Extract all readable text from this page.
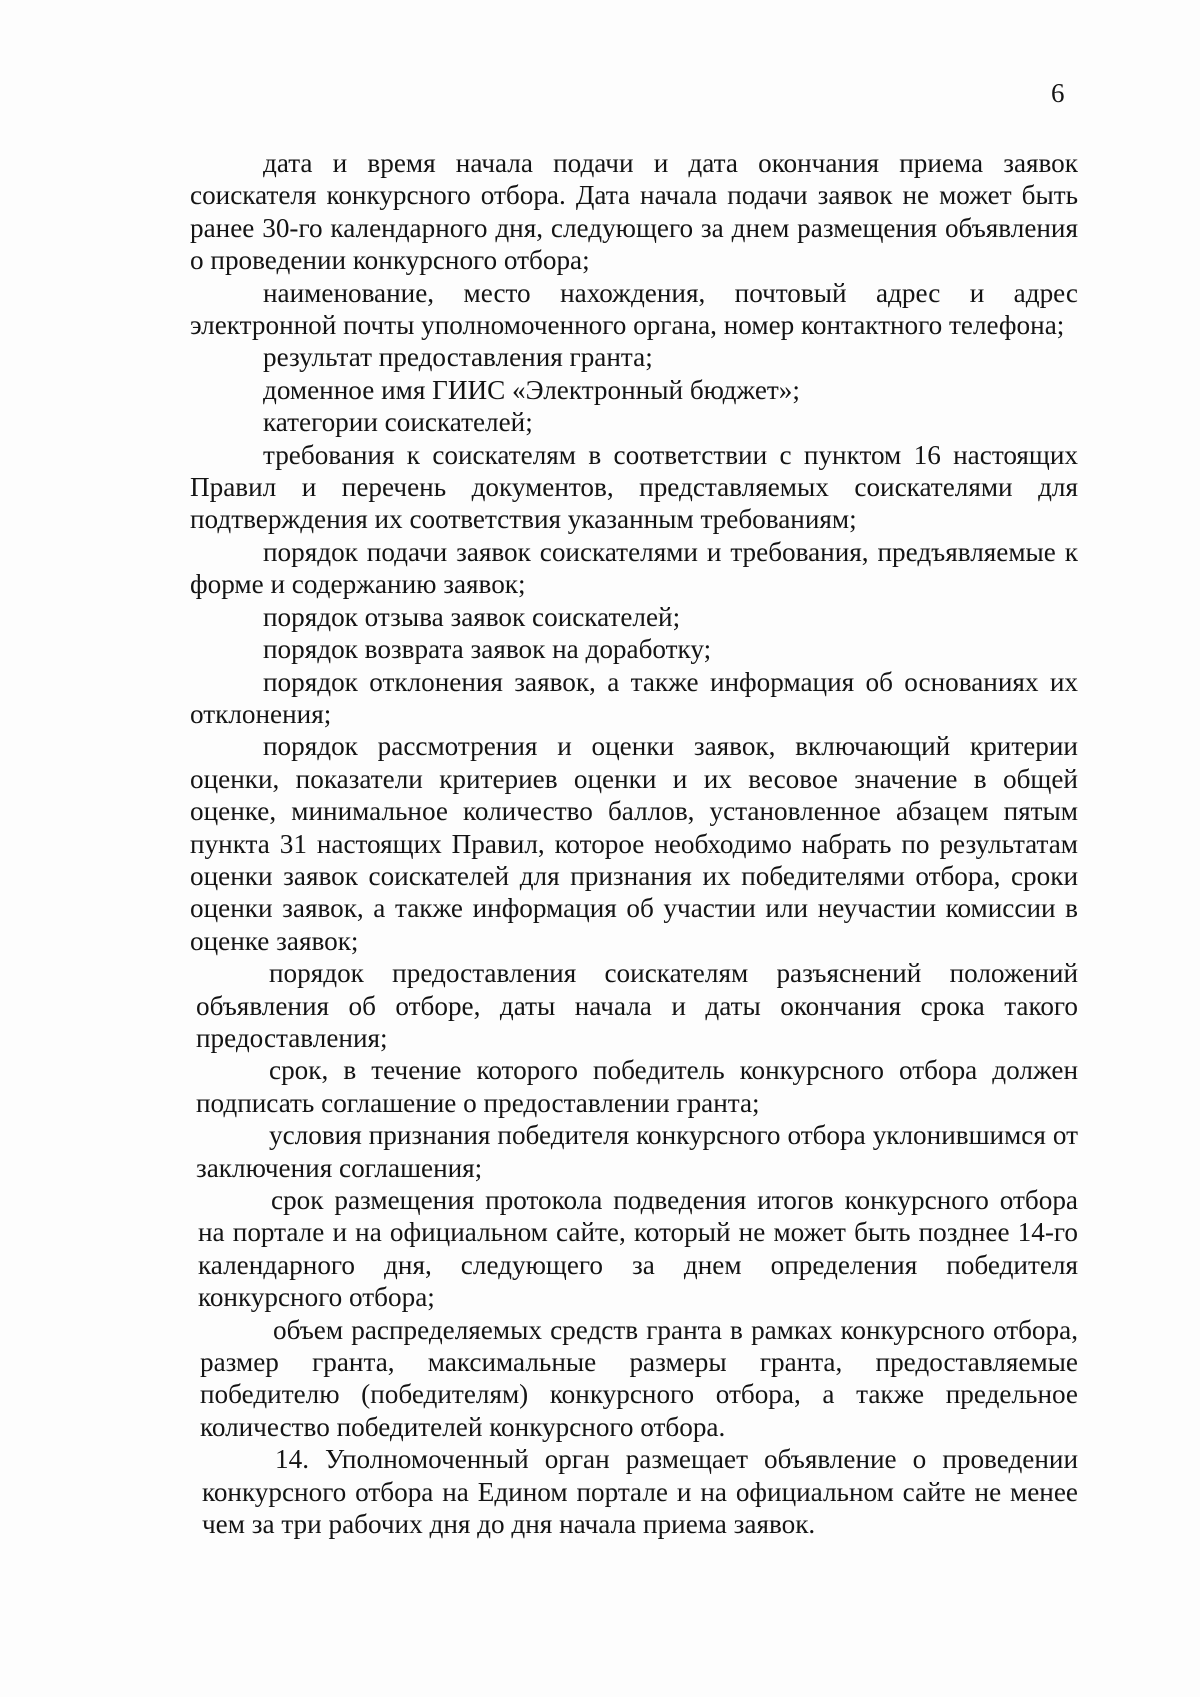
6

дата и время начала подачи и дата окончания приема заявок соискателя конкурсного отбора. Дата начала подачи заявок не может быть ранее 30-го календарного дня, следующего за днем размещения объявления о проведении конкурсного отбора;

наименование, место нахождения, почтовый адрес и адрес электронной почты уполномоченного органа, номер контактного телефона;

результат предоставления гранта;

доменное имя ГИИС «Электронный бюджет»;

категории соискателей;

требования к соискателям в соответствии с пунктом 16 настоящих Правил и перечень документов, представляемых соискателями для подтверждения их соответствия указанным требованиям;

порядок подачи заявок соискателями и требования, предъявляемые к форме и содержанию заявок;

порядок отзыва заявок соискателей;

порядок возврата заявок на доработку;

порядок отклонения заявок, а также информация об основаниях их отклонения;

порядок рассмотрения и оценки заявок, включающий критерии оценки, показатели критериев оценки и их весовое значение в общей оценке, минимальное количество баллов, установленное абзацем пятым пункта 31 настоящих Правил, которое необходимо набрать по результатам оценки заявок соискателей для признания их победителями отбора, сроки оценки заявок, а также информация об участии или неучастии комиссии в оценке заявок;

порядок предоставления соискателям разъяснений положений объявления об отборе, даты начала и даты окончания срока такого предоставления;

срок, в течение которого победитель конкурсного отбора должен подписать соглашение о предоставлении гранта;

условия признания победителя конкурсного отбора уклонившимся от заключения соглашения;

срок размещения протокола подведения итогов конкурсного отбора на портале и на официальном сайте, который не может быть позднее 14-го календарного дня, следующего за днем определения победителя конкурсного отбора;

объем распределяемых средств гранта в рамках конкурсного отбора, размер гранта, максимальные размеры гранта, предоставляемые победителю (победителям) конкурсного отбора, а также предельное количество победителей конкурсного отбора.

14. Уполномоченный орган размещает объявление о проведении конкурсного отбора на Едином портале и на официальном сайте не менее чем за три рабочих дня до дня начала приема заявок.
